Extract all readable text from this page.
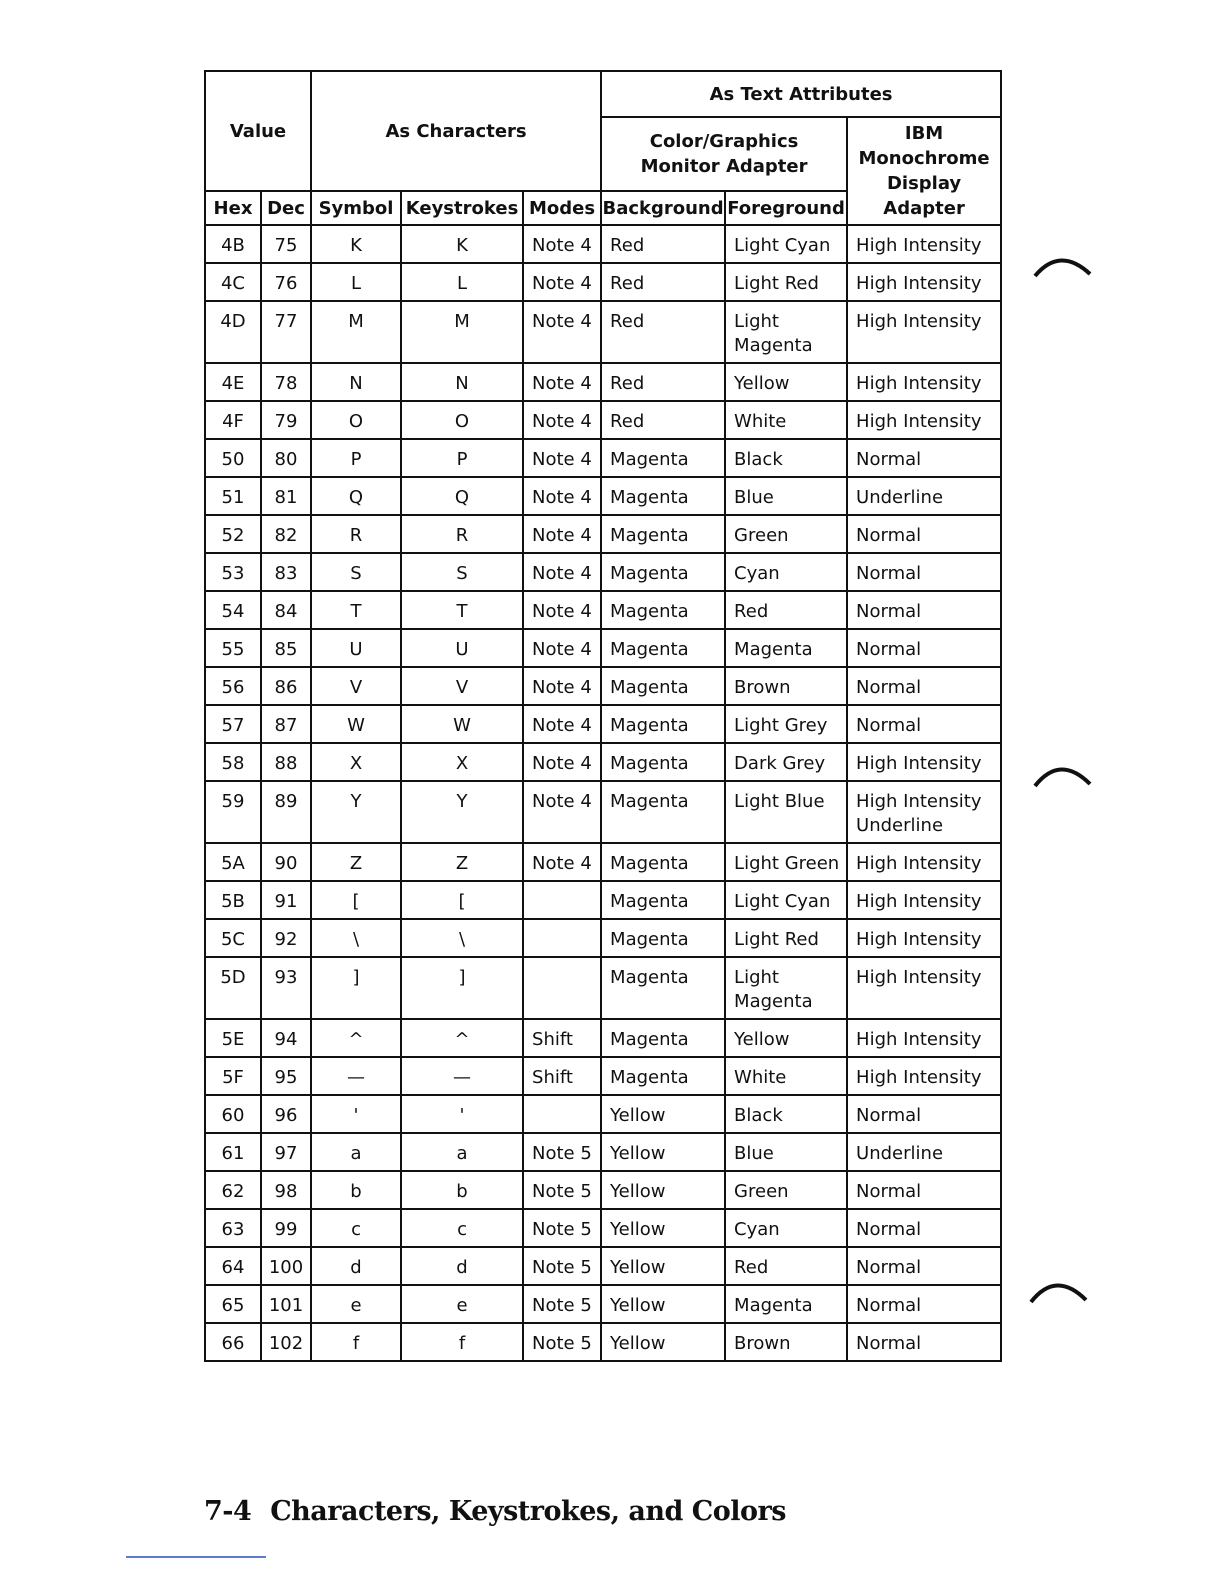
Value		As Characters			As Text Attributes		
					Color/Graphics Monitor Adapter		IBM Monochrome Display Adapter
Hex	Dec	Symbol	Keystrokes	Modes	Background	Foreground	
4B	75	K	K	Note 4	Red	Light Cyan	High Intensity
4C	76	L	L	Note 4	Red	Light Red	High Intensity
4D	77	M	M	Note 4	Red	Light Magenta	High Intensity
4E	78	N	N	Note 4	Red	Yellow	High Intensity
4F	79	O	O	Note 4	Red	White	High Intensity
50	80	P	P	Note 4	Magenta	Black	Normal
51	81	Q	Q	Note 4	Magenta	Blue	Underline
52	82	R	R	Note 4	Magenta	Green	Normal
53	83	S	S	Note 4	Magenta	Cyan	Normal
54	84	T	T	Note 4	Magenta	Red	Normal
55	85	U	U	Note 4	Magenta	Magenta	Normal
56	86	V	V	Note 4	Magenta	Brown	Normal
57	87	W	W	Note 4	Magenta	Light Grey	Normal
58	88	X	X	Note 4	Magenta	Dark Grey	High Intensity
59	89	Y	Y	Note 4	Magenta	Light Blue	High Intensity Underline
5A	90	Z	Z	Note 4	Magenta	Light Green	High Intensity
5B	91	[	[		Magenta	Light Cyan	High Intensity
5C	92	\	\		Magenta	Light Red	High Intensity
5D	93	]	]		Magenta	Light Magenta	High Intensity
5E	94	^	^	Shift	Magenta	Yellow	High Intensity
5F	95	—	—	Shift	Magenta	White	High Intensity
60	96	'	'		Yellow	Black	Normal
61	97	a	a	Note 5	Yellow	Blue	Underline
62	98	b	b	Note 5	Yellow	Green	Normal
63	99	c	c	Note 5	Yellow	Cyan	Normal
64	100	d	d	Note 5	Yellow	Red	Normal
65	101	e	e	Note 5	Yellow	Magenta	Normal
66	102	f	f	Note 5	Yellow	Brown	Normal
7-4 Characters, Keystrokes, and Colors
